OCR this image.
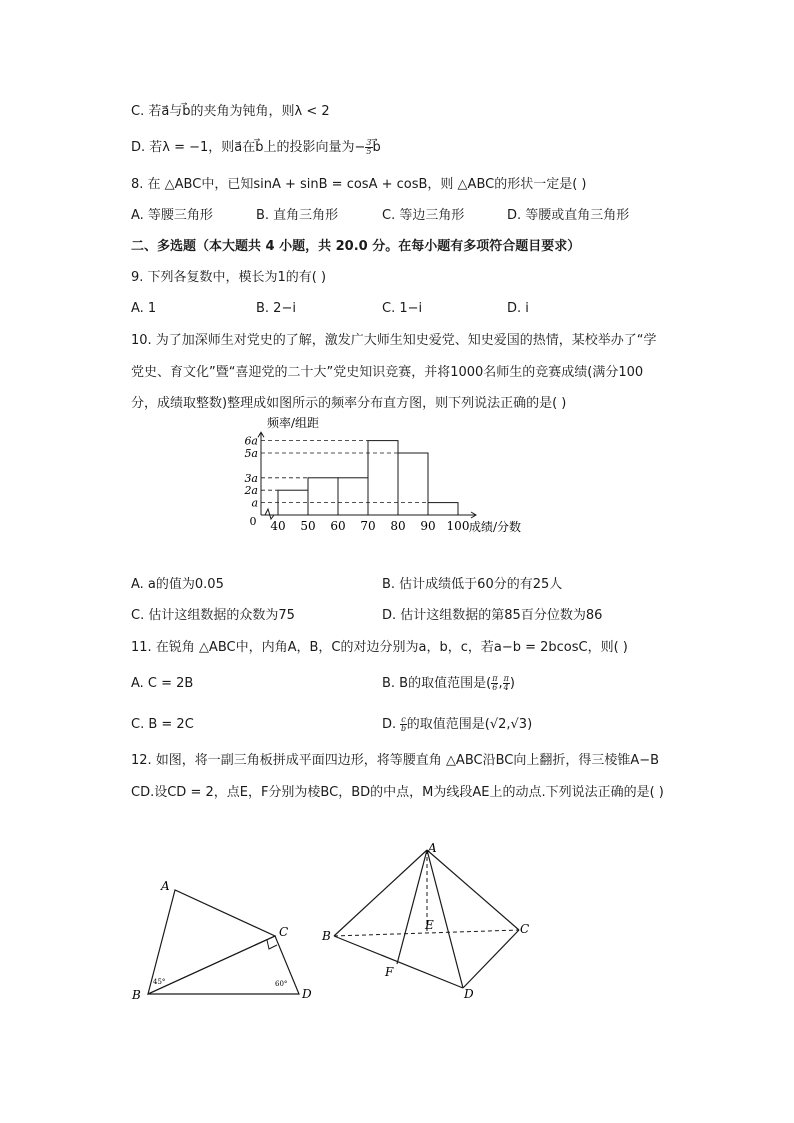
C. 若a⃗与b⃗的夹角为钝角，则λ < 2
D. 若λ = −1，则a⃗在b⃗上的投影向量为− $\frac{3}{5}$ b⃗
8. 在 △ABC中，已知sinA + sinB = cosA + cosB，则 △ABC的形状一定是( )
A. 等腰三角形	B. 直角三角形	C. 等边三角形	D. 等腰或直角三角形
二、多选题（本大题共 4 小题，共 20.0 分。在每小题有多项符合题目要求）
9. 下列各复数中，模长为1的有( )
A. 1	B. 2−i	C. 1−i	D. i
10. 为了加深师生对党史的了解，激发广大师生知史爱党、知史爱国的热情，某校举办了“学
党史、育文化”暨“喜迎党的二十大”党史知识竞赛，并将1000名师生的竞赛成绩(满分100
分，成绩取整数)整理成如图所示的频率分布直方图，则下列说法正确的是( )
a
2a
3a
5a
6a
40 50 60 70 80 90 100
0
频率/组距
成绩/分数
A. a的值为0.05	B. 估计成绩低于60分的有25人
C. 估计这组数据的众数为75	D. 估计这组数据的第85百分位数为86
11. 在锐角 △ABC中，内角A，B，C的对边分别为a，b，c，若a−b = 2bcosC，则( )
A. C = 2B	B. B的取值范围是( $\frac{\pi}{6}$ , $\frac{\pi}{4}$ )
C. B = 2C	D. $\frac{c}{b}$ 的取值范围是(√2,√3)
12. 如图，将一副三角板拼成平面四边形，将等腰直角 △ABC沿BC向上翻折，得三棱锥A−B
CD.设CD = 2，点E，F分别为棱BC，BD的中点，M为线段AE上的动点.下列说法正确的是( )
A
B
C
D
45°	60°
A
B	C
D
E
F
